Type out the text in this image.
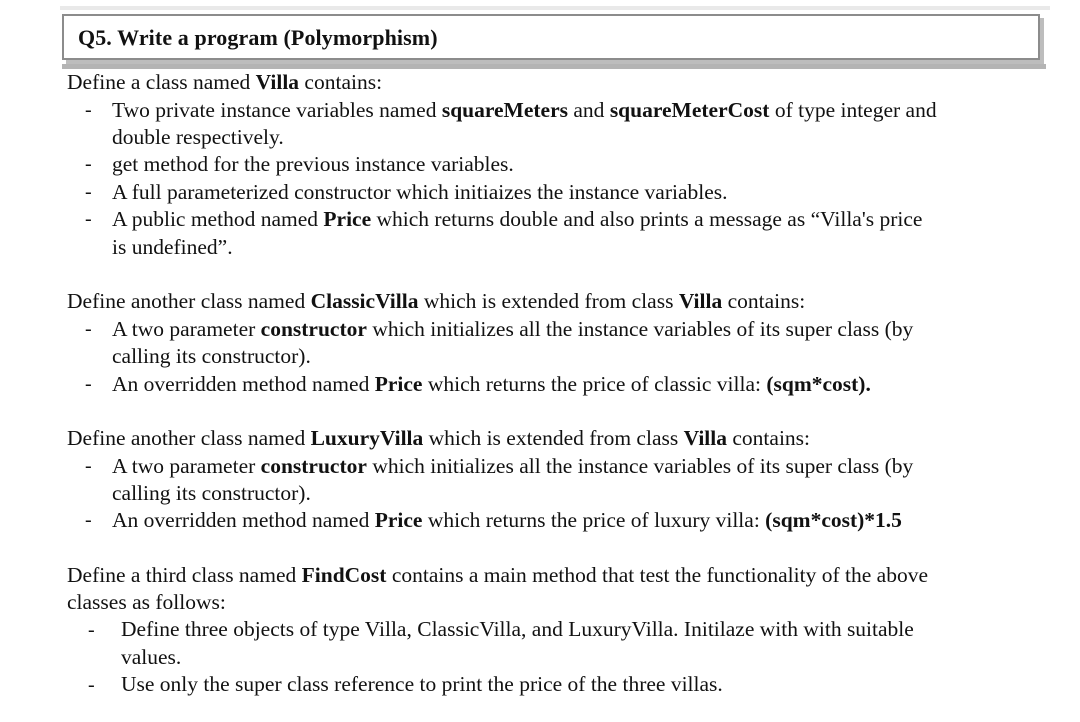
Q5. Write a program (Polymorphism)
Define a class named Villa contains:
- Two private instance variables named squareMeters and squareMeterCost of type integer and
double respectively.
- get method for the previous instance variables.
- A full parameterized constructor which initiaizes the instance variables.
- A public method named Price which returns double and also prints a message as “Villa's price
is undefined”.
Define another class named ClassicVilla which is extended from class Villa contains:
- A two parameter constructor which initializes all the instance variables of its super class (by
calling its constructor).
- An overridden method named Price which returns the price of classic villa: (sqm*cost).
Define another class named LuxuryVilla which is extended from class Villa contains:
- A two parameter constructor which initializes all the instance variables of its super class (by
calling its constructor).
- An overridden method named Price which returns the price of luxury villa: (sqm*cost)*1.5
Define a third class named FindCost contains a main method that test the functionality of the above
classes as follows:
- Define three objects of type Villa, ClassicVilla, and LuxuryVilla. Initilaze with with suitable
values.
- Use only the super class reference to print the price of the three villas.
